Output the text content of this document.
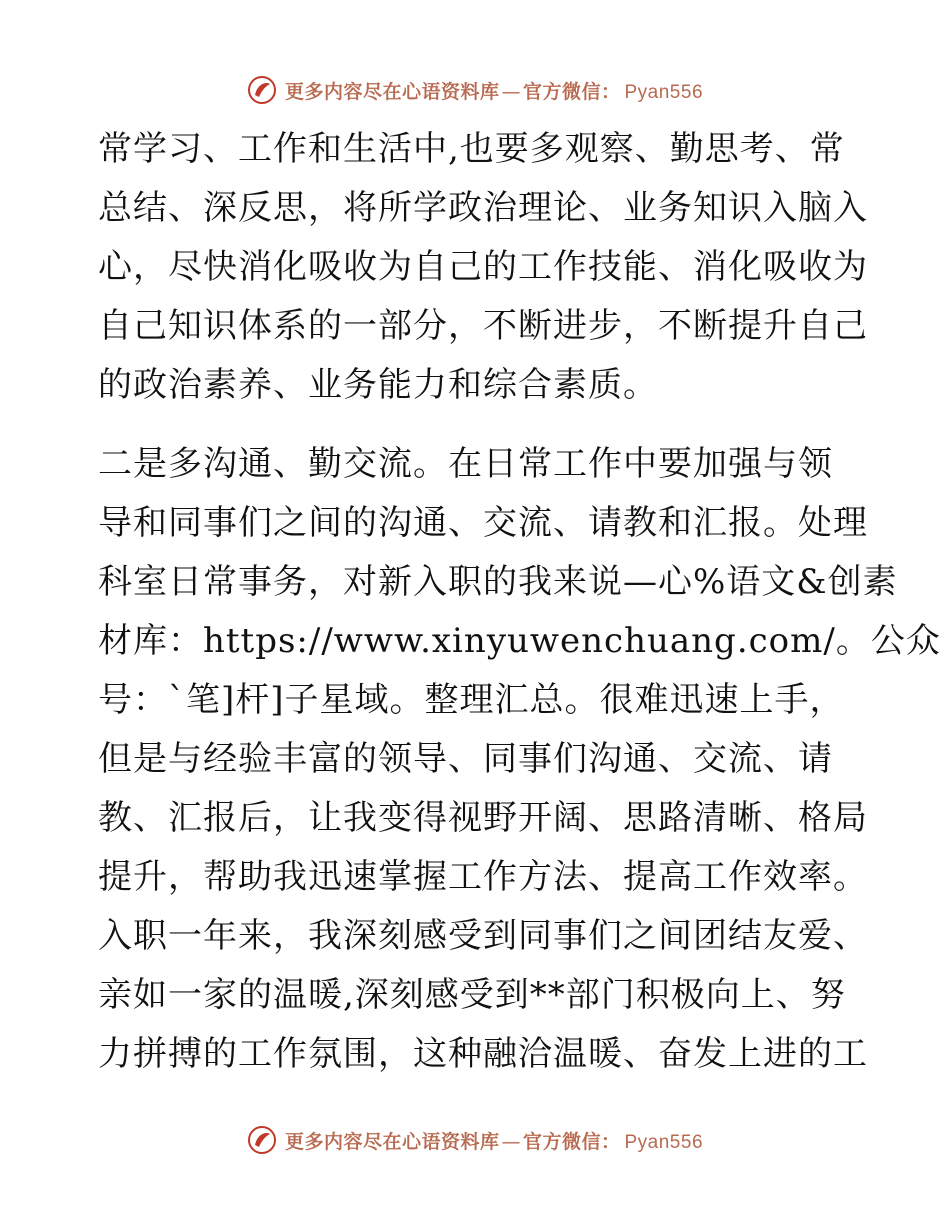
更多内容尽在心语资料库 — 官方微信： Pyan556
常学习、工作和生活中,也要多观察、勤思考、常
总结、深反思，将所学政治理论、业务知识入脑入
心，尽快消化吸收为自己的工作技能、消化吸收为
自己知识体系的一部分，不断进步，不断提升自己
的政治素养、业务能力和综合素质。
二是多沟通、勤交流。在日常工作中要加强与领
导和同事们之间的沟通、交流、请教和汇报。处理
科室日常事务，对新入职的我来说—心%语文&创素
材库：https://www.xinyuwenchuang.com/。公众
号：`笔]杆]子星域。整理汇总。很难迅速上手，
但是与经验丰富的领导、同事们沟通、交流、请
教、汇报后，让我变得视野开阔、思路清晰、格局
提升，帮助我迅速掌握工作方法、提高工作效率。
入职一年来，我深刻感受到同事们之间团结友爱、
亲如一家的温暖,深刻感受到**部门积极向上、努
力拼搏的工作氛围，这种融洽温暖、奋发上进的工
更多内容尽在心语资料库 — 官方微信： Pyan556
